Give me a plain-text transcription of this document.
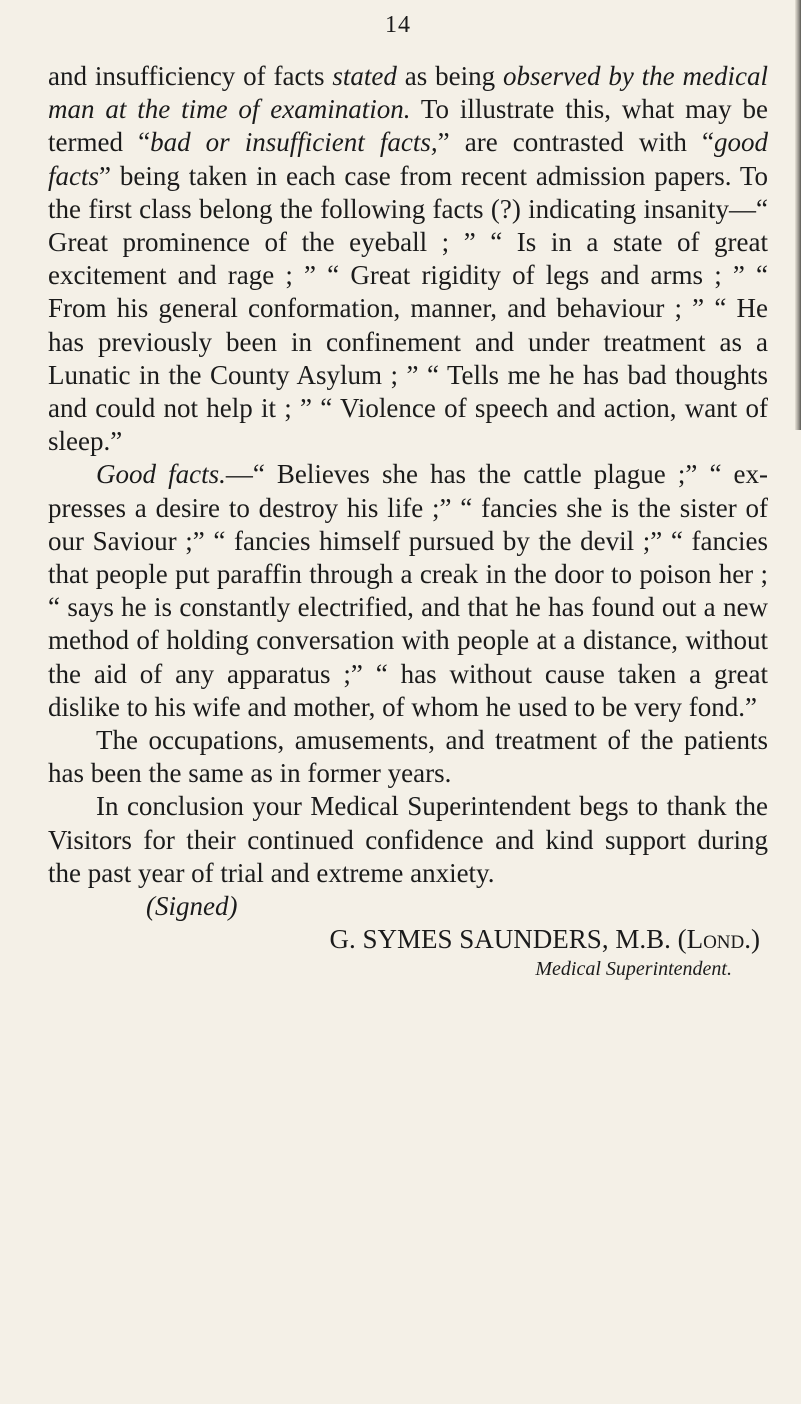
14

and insufficiency of facts stated as being observed by the medical man at the time of examination. To illustrate this, what may be termed “bad or insufficient facts,” are contrasted with “good facts” being taken in each case from recent admission papers. To the first class belong the following facts (?) indicating insanity—“ Great prominence of the eyeball ; ” “ Is in a state of great excitement and rage ; ” “ Great rigidity of legs and arms ; ” “ From his general conformation, manner, and behaviour ; ” “ He has previously been in confinement and under treatment as a Lunatic in the County Asylum ; ” “ Tells me he has bad thoughts and could not help it ; ” “ Violence of speech and action, want of sleep.”

Good facts.—“ Believes she has the cattle plague ;” “ ex-presses a desire to destroy his life ;” “ fancies she is the sister of our Saviour ;” “ fancies himself pursued by the devil ;” “ fancies that people put paraffin through a creak in the door to poison her ; “ says he is constantly electrified, and that he has found out a new method of holding conversation with people at a distance, without the aid of any apparatus ;” “ has without cause taken a great dislike to his wife and mother, of whom he used to be very fond.”

The occupations, amusements, and treatment of the patients has been the same as in former years.

In conclusion your Medical Superintendent begs to thank the Visitors for their continued confidence and kind support during the past year of trial and extreme anxiety.

(Signed)

G. SYMES SAUNDERS, M.B. (Lond.)

Medical Superintendent.
